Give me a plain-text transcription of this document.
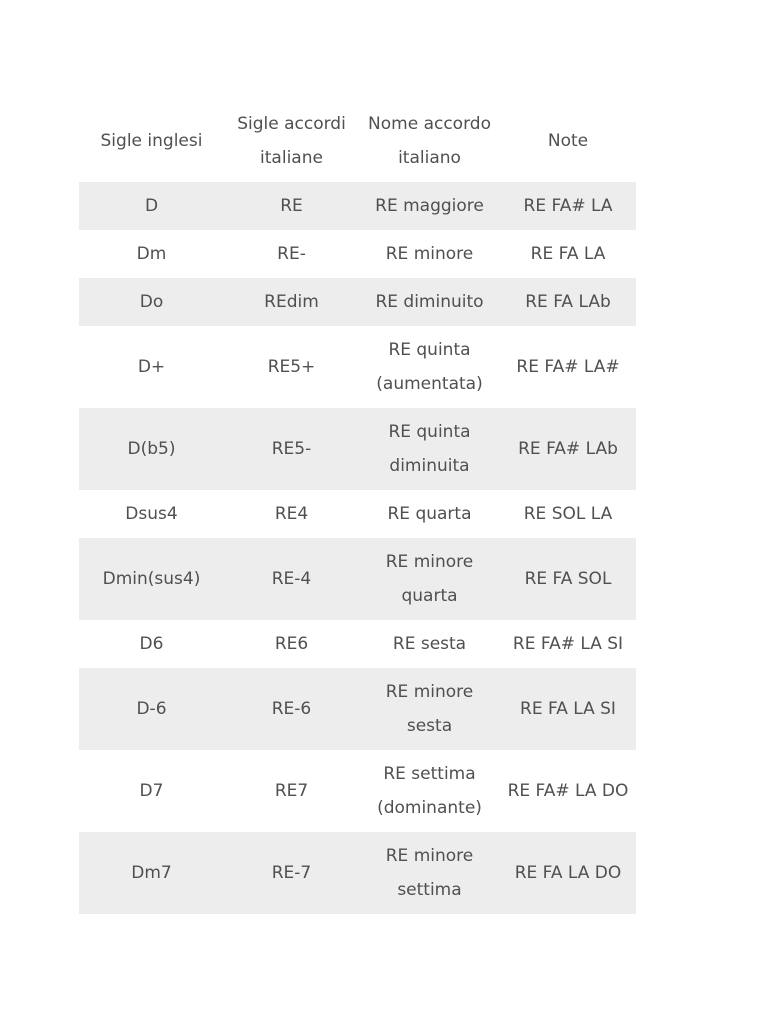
Sigle inglesi	Sigle accordi italiane	Nome accordo italiano	Note
D	RE	RE maggiore	RE FA# LA
Dm	RE-	RE minore	RE FA LA
Do	REdim	RE diminuito	RE FA LAb
D+	RE5+	RE quinta (aumentata)	RE FA# LA#
D(b5)	RE5-	RE quinta diminuita	RE FA# LAb
Dsus4	RE4	RE quarta	RE SOL LA
Dmin(sus4)	RE-4	RE minore quarta	RE FA SOL
D6	RE6	RE sesta	RE FA# LA SI
D-6	RE-6	RE minore sesta	RE FA LA SI
D7	RE7	RE settima (dominante)	RE FA# LA DO
Dm7	RE-7	RE minore settima	RE FA LA DO
